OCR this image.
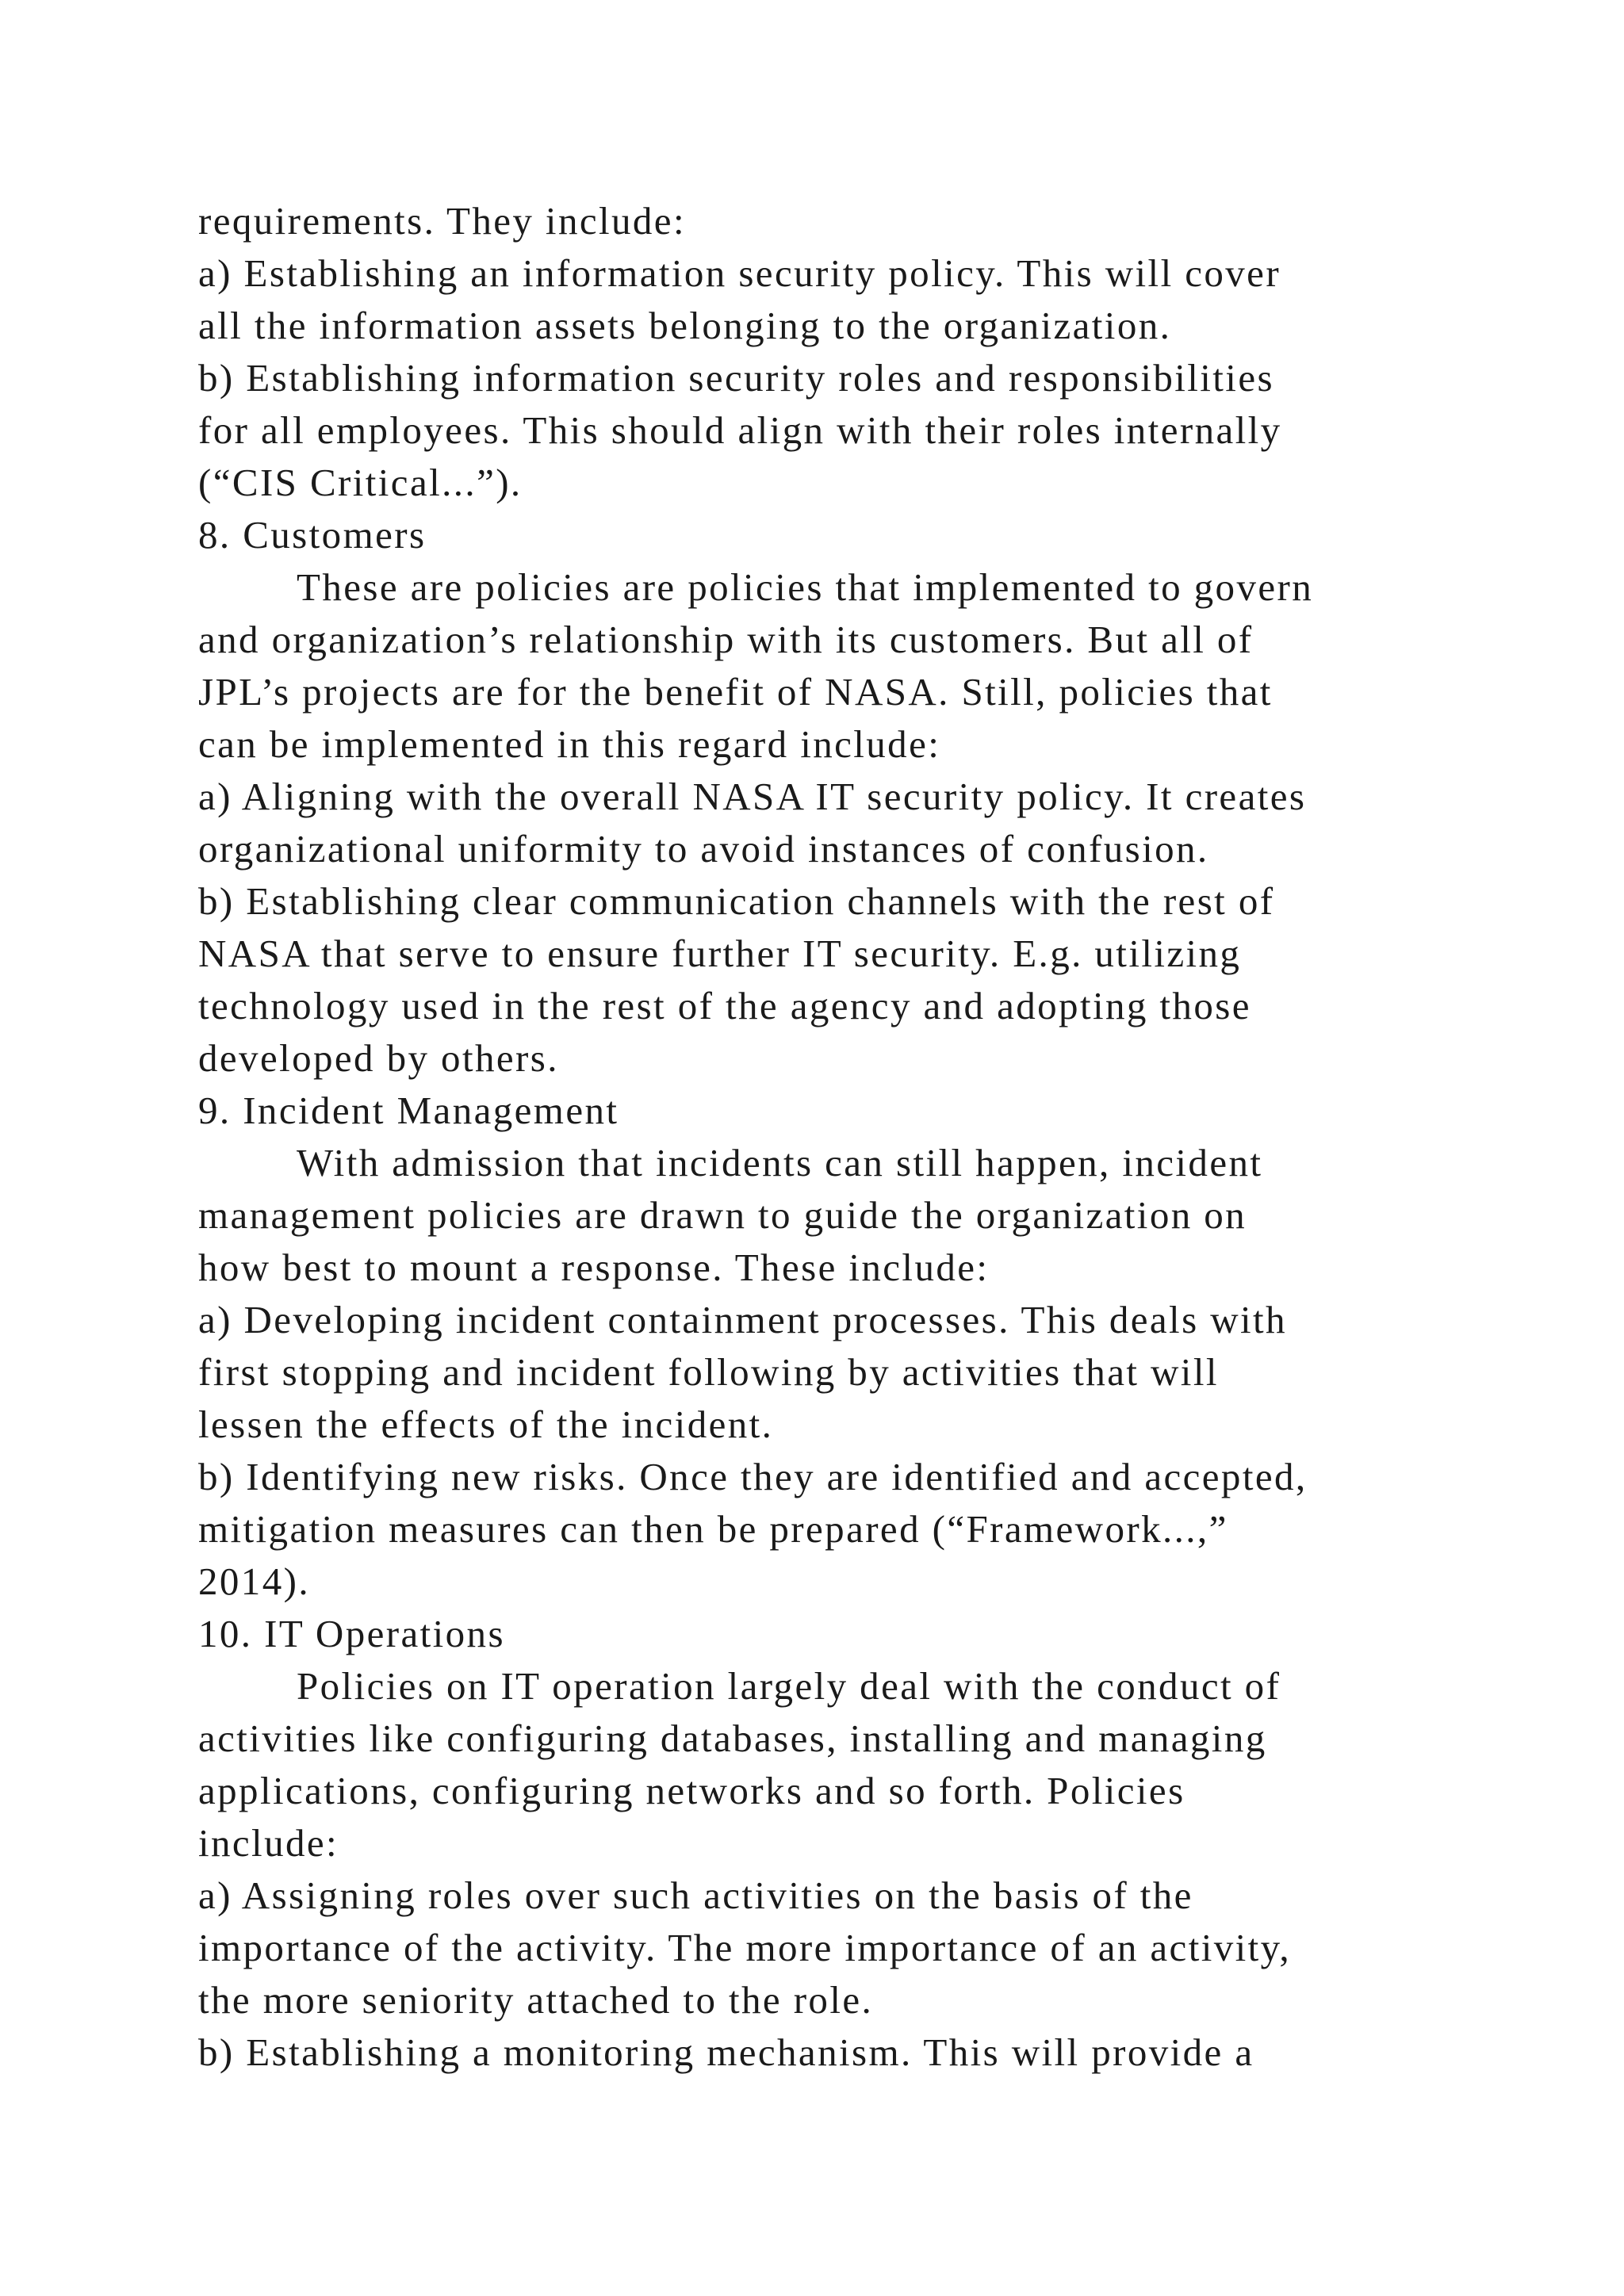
requirements. They include:
a) Establishing an information security policy. This will cover
all the information assets belonging to the organization.
b) Establishing information security roles and responsibilities
for all employees. This should align with their roles internally
(“CIS Critical...”).
8. Customers
These are policies are policies that implemented to govern
and organization’s relationship with its customers. But all of
JPL’s projects are for the benefit of NASA. Still, policies that
can be implemented in this regard include:
a) Aligning with the overall NASA IT security policy. It creates
organizational uniformity to avoid instances of confusion.
b) Establishing clear communication channels with the rest of
NASA that serve to ensure further IT security. E.g. utilizing
technology used in the rest of the agency and adopting those
developed by others.
9. Incident Management
With admission that incidents can still happen, incident
management policies are drawn to guide the organization on
how best to mount a response. These include:
a) Developing incident containment processes. This deals with
first stopping and incident following by activities that will
lessen the effects of the incident.
b) Identifying new risks. Once they are identified and accepted,
mitigation measures can then be prepared (“Framework...,”
2014).
10. IT Operations
Policies on IT operation largely deal with the conduct of
activities like configuring databases, installing and managing
applications, configuring networks and so forth. Policies
include:
a) Assigning roles over such activities on the basis of the
importance of the activity. The more importance of an activity,
the more seniority attached to the role.
b) Establishing a monitoring mechanism. This will provide a
